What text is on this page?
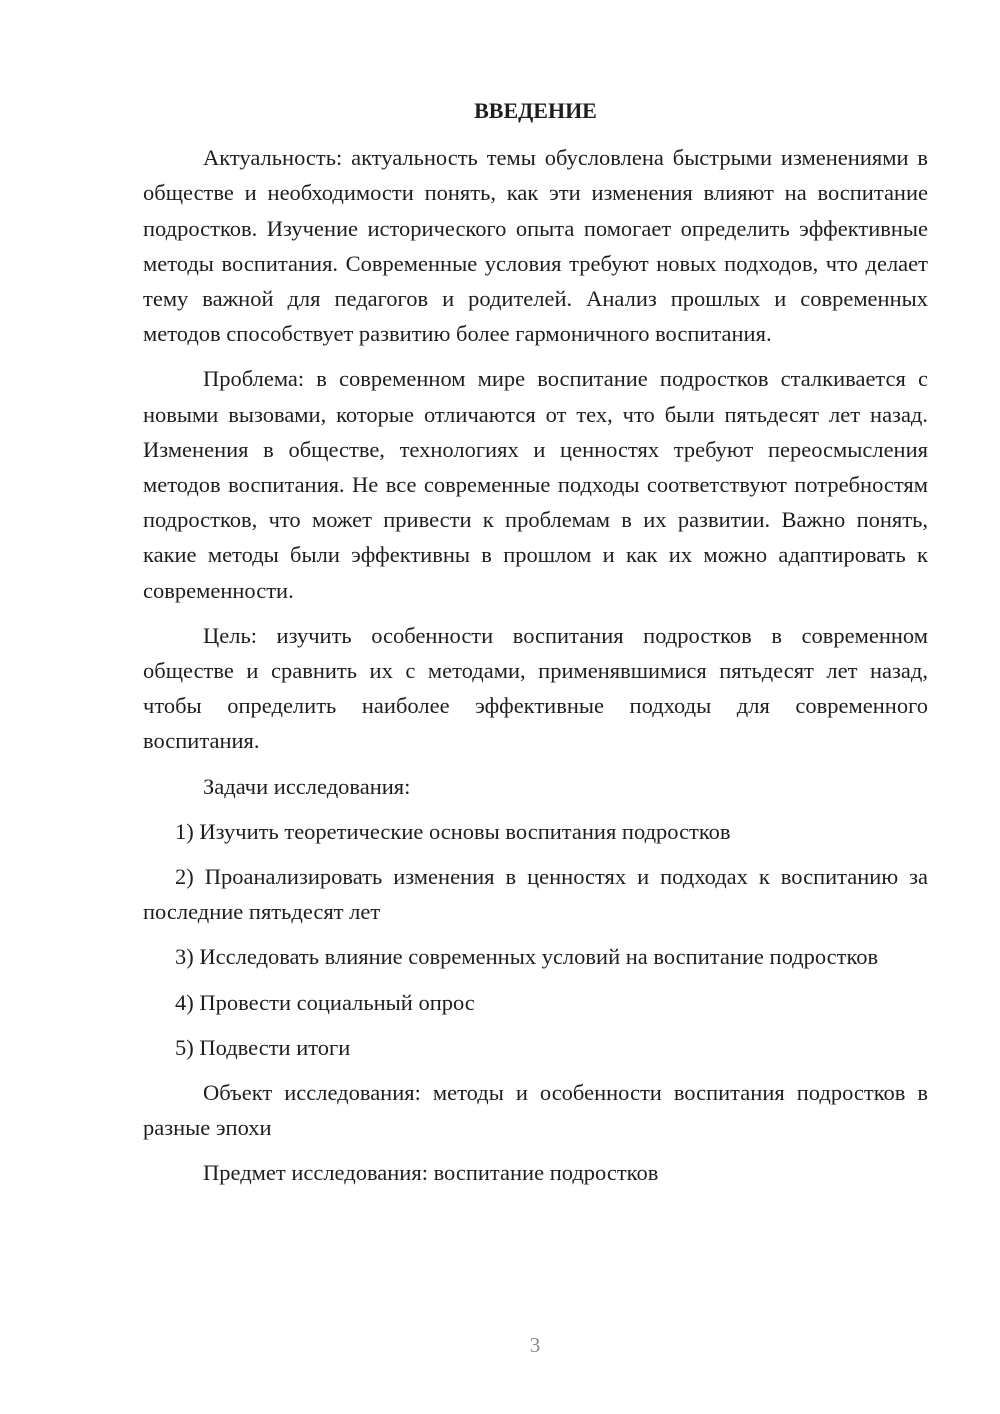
ВВЕДЕНИЕ

Актуальность: актуальность темы обусловлена быстрыми изменениями в обществе и необходимости понять, как эти изменения влияют на воспитание подростков. Изучение исторического опыта помогает определить эффективные методы воспитания. Современные условия требуют новых подходов, что делает тему важной для педагогов и родителей. Анализ прошлых и современных методов способствует развитию более гармоничного воспитания.

Проблема: в современном мире воспитание подростков сталкивается с новыми вызовами, которые отличаются от тех, что были пятьдесят лет назад. Изменения в обществе, технологиях и ценностях требуют переосмысления методов воспитания. Не все современные подходы соответствуют потребностям подростков, что может привести к проблемам в их развитии. Важно понять, какие методы были эффективны в прошлом и как их можно адаптировать к современности.

Цель: изучить особенности воспитания подростков в современном обществе и сравнить их с методами, применявшимися пятьдесят лет назад, чтобы определить наиболее эффективные подходы для современного воспитания.

Задачи исследования:

1) Изучить теоретические основы воспитания подростков

2) Проанализировать изменения в ценностях и подходах к воспитанию за последние пятьдесят лет

3) Исследовать влияние современных условий на воспитание подростков

4) Провести социальный опрос

5) Подвести итоги

Объект исследования: методы и особенности воспитания подростков в разные эпохи

Предмет исследования: воспитание подростков

3
